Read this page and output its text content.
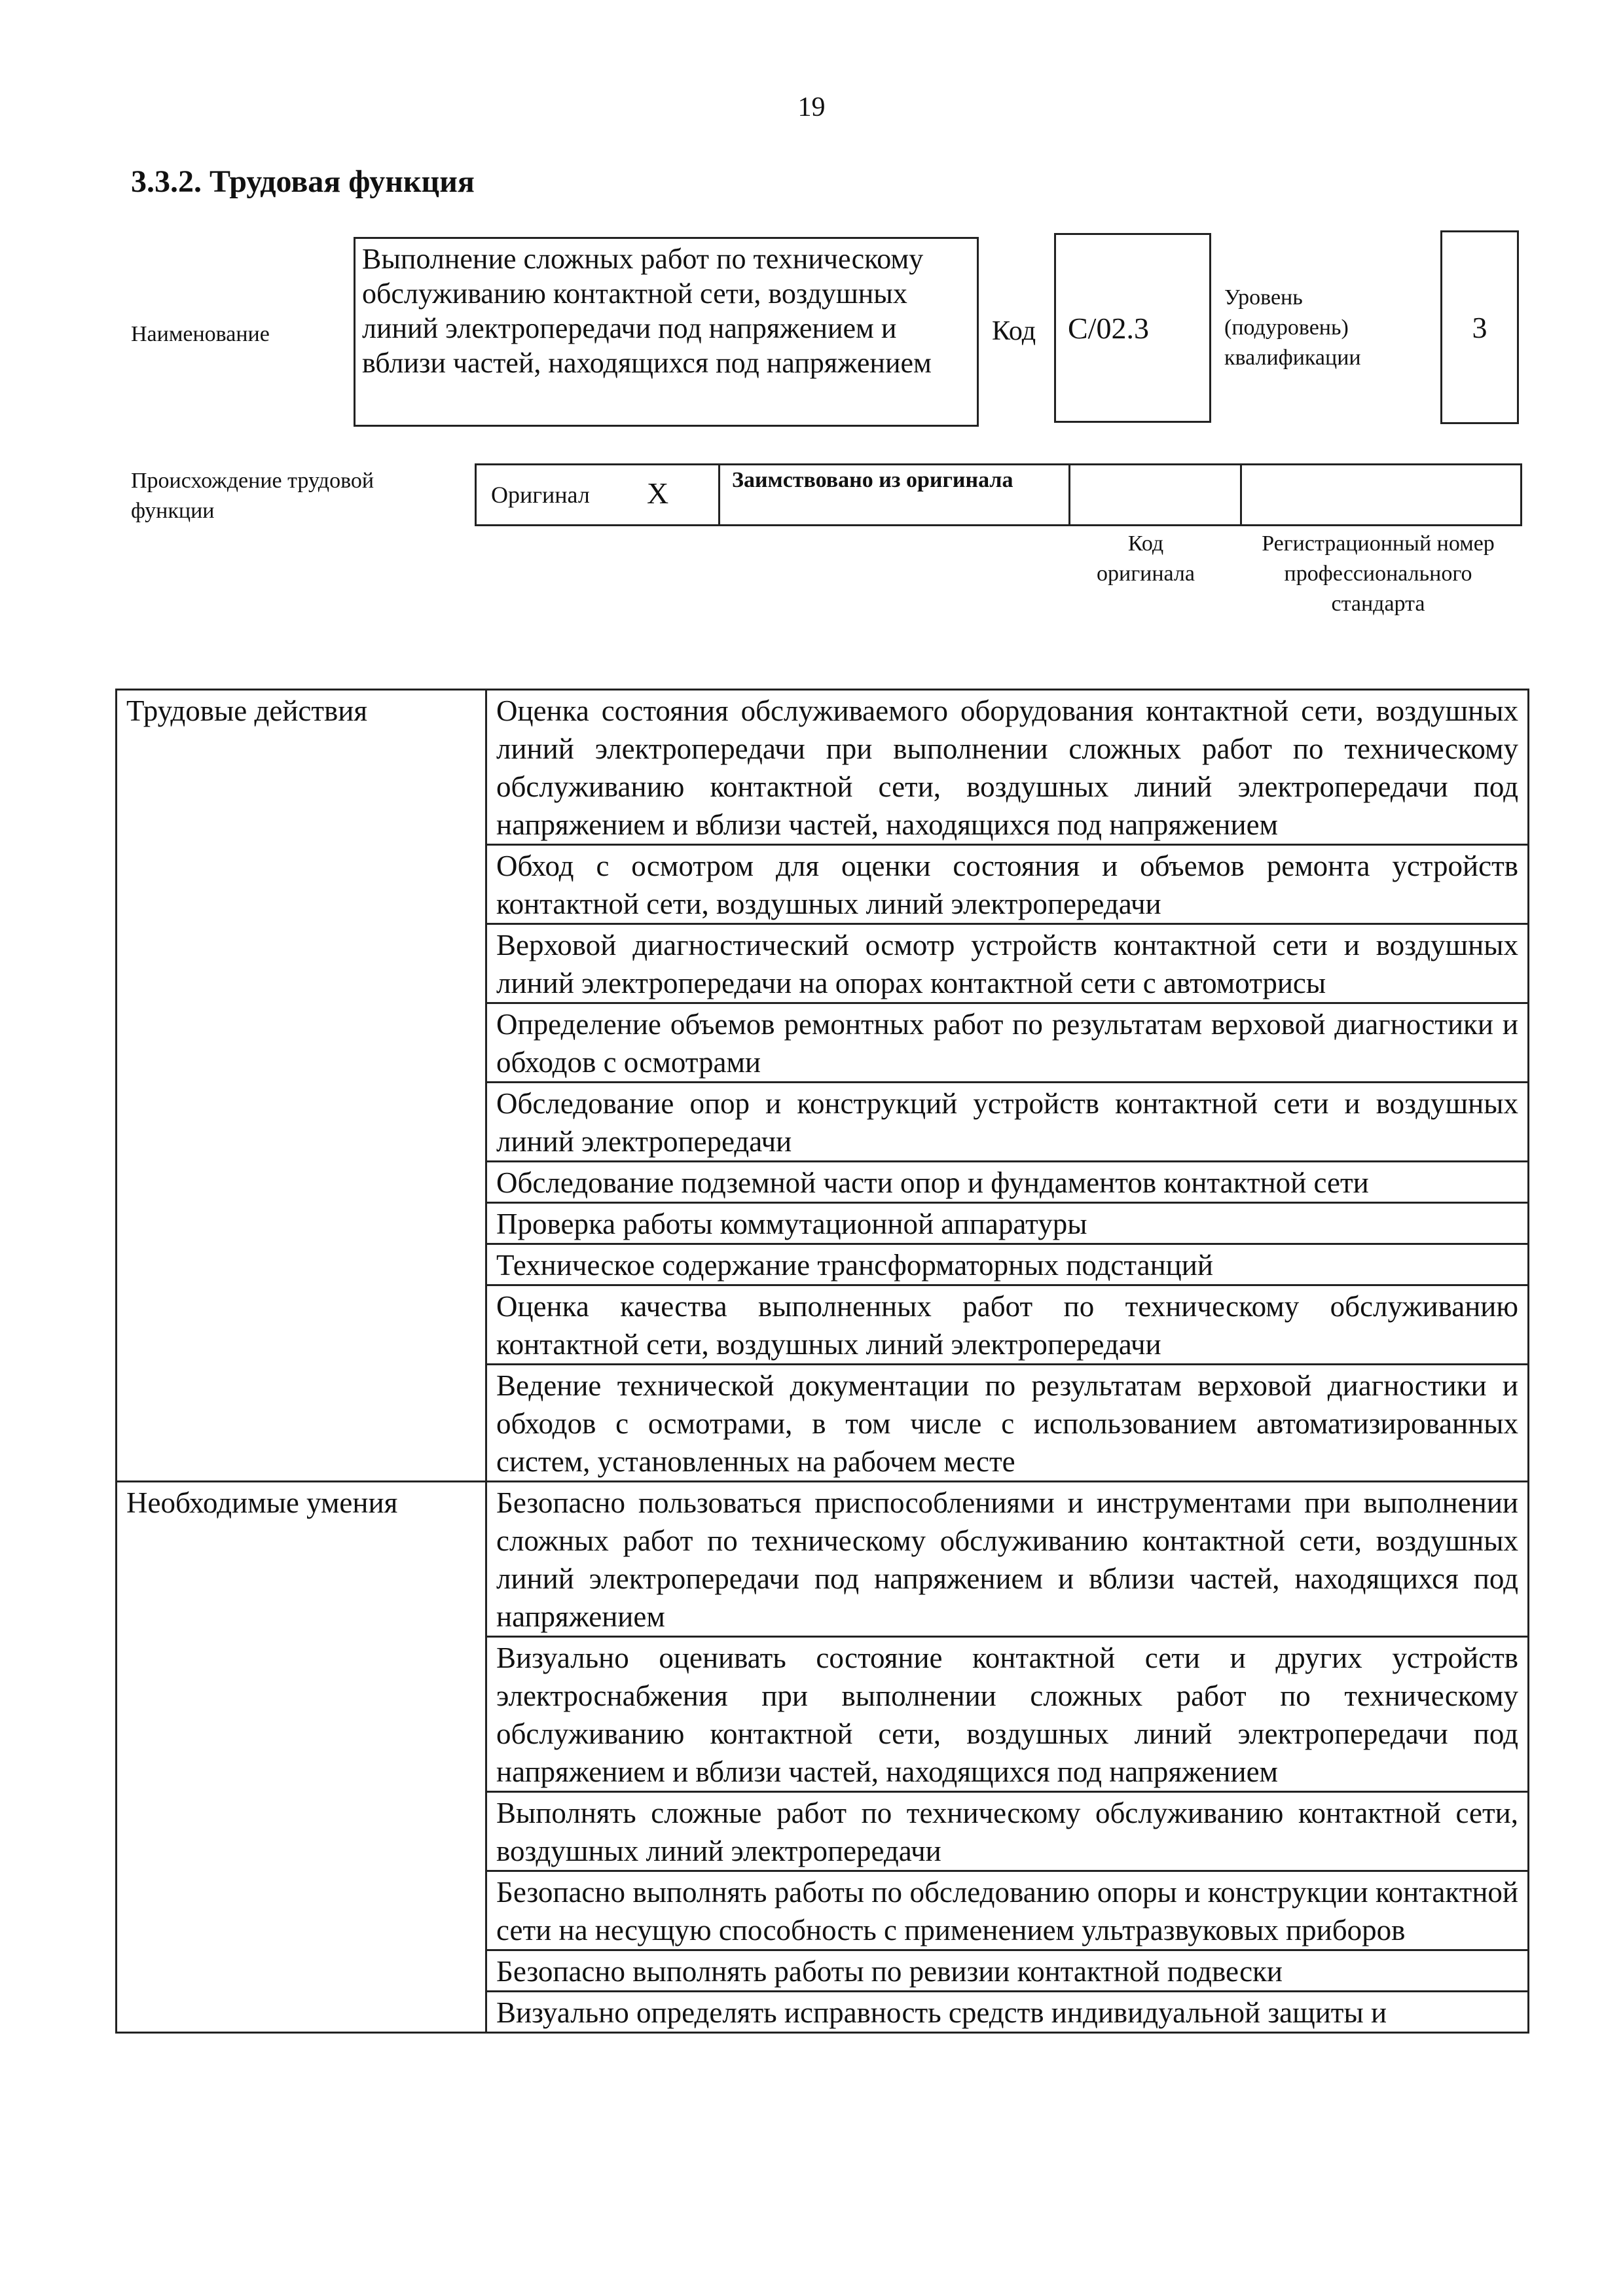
19
3.3.2. Трудовая функция
Наименование
Выполнение сложных работ по техническому обслуживанию контактной сети, воздушных линий электропередачи под напряжением и вблизи частей, находящихся под напряжением
Код С/02.3
Уровень (подуровень) квалификации
3
Происхождение трудовой функции
Оригинал Х	Заимствовано из оригинала
Код оригинала
Регистрационный номер профессионального стандарта
Трудовые действия	Оценка состояния обслуживаемого оборудования контактной сети, воздушных линий электропередачи при выполнении сложных работ по техническому обслуживанию контактной сети, воздушных линий электропередачи под напряжением и вблизи частей, находящихся под напряжением
	Обход с осмотром для оценки состояния и объемов ремонта устройств контактной сети, воздушных линий электропередачи
	Верховой диагностический осмотр устройств контактной сети и воздушных линий электропередачи на опорах контактной сети с автомотрисы
	Определение объемов ремонтных работ по результатам верховой диагностики и обходов с осмотрами
	Обследование опор и конструкций устройств контактной сети и воздушных линий электропередачи
	Обследование подземной части опор и фундаментов контактной сети
	Проверка работы коммутационной аппаратуры
	Техническое содержание трансформаторных подстанций
	Оценка качества выполненных работ по техническому обслуживанию контактной сети, воздушных линий электропередачи
	Ведение технической документации по результатам верховой диагностики и обходов с осмотрами, в том числе с использованием автоматизированных систем, установленных на рабочем месте
Необходимые умения	Безопасно пользоваться приспособлениями и инструментами при выполнении сложных работ по техническому обслуживанию контактной сети, воздушных линий электропередачи под напряжением и вблизи частей, находящихся под напряжением
	Визуально оценивать состояние контактной сети и других устройств электроснабжения при выполнении сложных работ по техническому обслуживанию контактной сети, воздушных линий электропередачи под напряжением и вблизи частей, находящихся под напряжением
	Выполнять сложные работ по техническому обслуживанию контактной сети, воздушных линий электропередачи
	Безопасно выполнять работы по обследованию опоры и конструкции контактной сети на несущую способность с применением ультразвуковых приборов
	Безопасно выполнять работы по ревизии контактной подвески
	Визуально определять исправность средств индивидуальной защиты и
